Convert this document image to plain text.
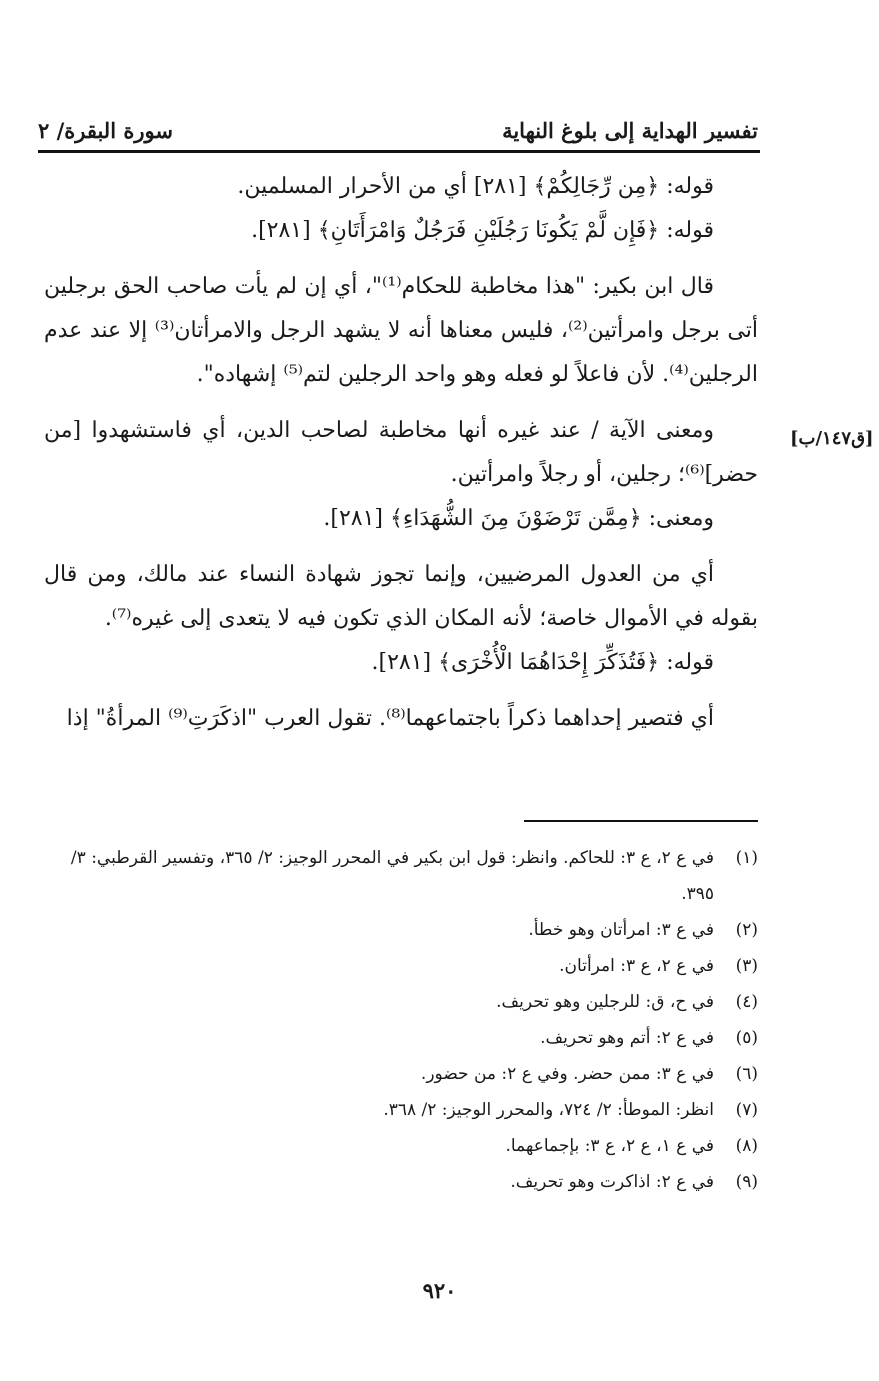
تفسير الهداية إلى بلوغ النهاية
سورة البقرة/ ٢
[ق١٤٧/ب]

قوله: ﴿مِن رِّجَالِكُمْ﴾ [٢٨١] أي من الأحرار المسلمين.

قوله: ﴿فَإِن لَّمْ يَكُونَا رَجُلَيْنِ فَرَجُلٌ وَامْرَأَتَانِ﴾ [٢٨١].

قال ابن بكير: "هذا مخاطبة للحكام⁽¹⁾"، أي إن لم يأت صاحب الحق برجلين أتى برجل وامرأتين⁽²⁾، فليس معناها أنه لا يشهد الرجل والامرأتان⁽³⁾ إلا عند عدم الرجلين⁽⁴⁾. لأن فاعلاً لو فعله وهو واحد الرجلين لتم⁽⁵⁾ إشهاده".

ومعنى الآية / عند غيره أنها مخاطبة لصاحب الدين، أي فاستشهدوا [من حضر]⁽⁶⁾؛ رجلين، أو رجلاً وامرأتين.

ومعنى: ﴿مِمَّن تَرْضَوْنَ مِنَ الشُّهَدَاءِ﴾ [٢٨١].

أي من العدول المرضيين، وإنما تجوز شهادة النساء عند مالك، ومن قال بقوله في الأموال خاصة؛ لأنه المكان الذي تكون فيه لا يتعدى إلى غيره⁽⁷⁾.

قوله: ﴿فَتُذَكِّرَ إِحْدَاهُمَا الْأُخْرَى﴾ [٢٨١].

أي فتصير إحداهما ذكراً باجتماعهما⁽⁸⁾. تقول العرب "اذكَرَتِ⁽⁹⁾ المرأةُ" إذا

(١)
في ع ٢، ع ٣: للحاكم. وانظر: قول ابن بكير في المحرر الوجيز: ٢/ ٣٦٥، وتفسير القرطبي: ٣/ ٣٩٥.
(٢)
في ع ٣: امرأتان وهو خطأ.
(٣)
في ع ٢، ع ٣: امرأتان.
(٤)
في ح، ق: للرجلين وهو تحريف.
(٥)
في ع ٢: أتم وهو تحريف.
(٦)
في ع ٣: ممن حضر. وفي ع ٢: من حضور.
(٧)
انظر: الموطأ: ٢/ ٧٢٤، والمحرر الوجيز: ٢/ ٣٦٨.
(٨)
في ع ١، ع ٢، ع ٣: بإجماعهما.
(٩)
في ع ٢: اذاكرت وهو تحريف.
٩٢٠
